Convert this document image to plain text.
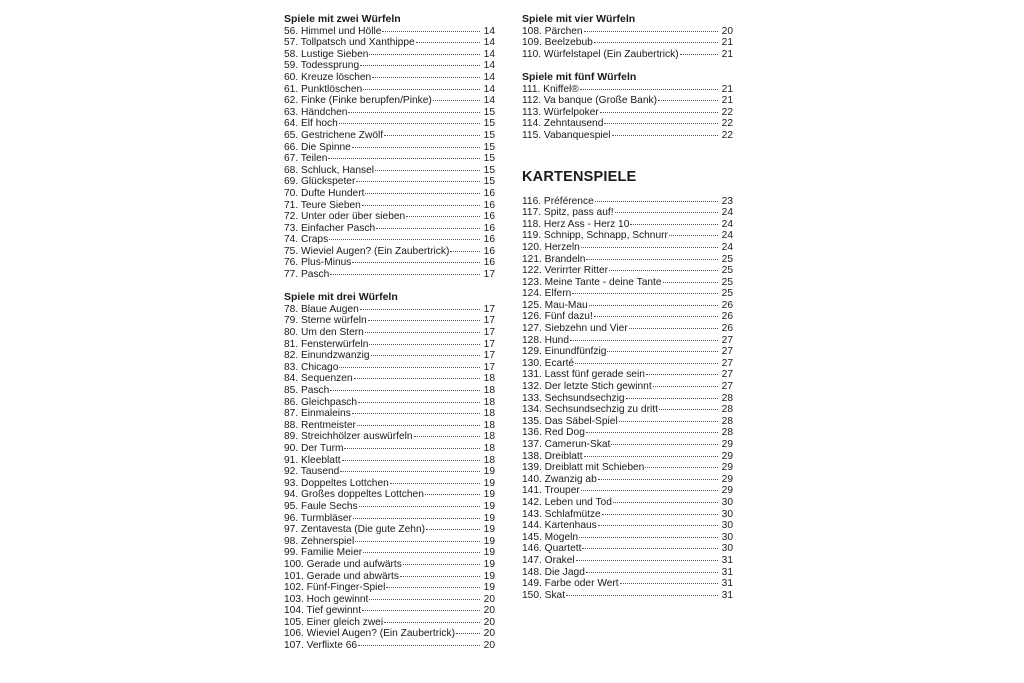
Spiele mit zwei Würfeln
56. Himmel und Hölle	14
57. Tollpatsch und Xanthippe	14
58. Lustige Sieben	14
59. Todessprung	14
60. Kreuze löschen	14
61. Punktlöschen	14
62. Finke (Finke berupfen/Pinke)	14
63. Händchen	15
64. Elf hoch	15
65. Gestrichene Zwölf	15
66. Die Spinne	15
67. Teilen	15
68. Schluck, Hansel	15
69. Glückspeter	15
70. Dufte Hundert	16
71. Teure Sieben	16
72. Unter oder über sieben	16
73. Einfacher Pasch	16
74. Craps	16
75. Wieviel Augen? (Ein Zaubertrick)	16
76. Plus-Minus	16
77. Pasch	17
Spiele mit drei Würfeln
78. Blaue Augen	17
79. Sterne würfeln	17
80. Um den Stern	17
81. Fensterwürfeln	17
82. Einundzwanzig	17
83. Chicago	17
84. Sequenzen	18
85. Pasch	18
86. Gleichpasch	18
87. Einmaleins	18
88. Rentmeister	18
89. Streichhölzer auswürfeln	18
90. Der Turm	18
91. Kleeblatt	18
92. Tausend	19
93. Doppeltes Lottchen	19
94. Großes doppeltes Lottchen	19
95. Faule Sechs	19
96. Turmbläser	19
97. Zentavesta (Die gute Zehn)	19
98. Zehnerspiel	19
99. Familie Meier	19
100. Gerade und aufwärts	19
101. Gerade und abwärts	19
102. Fünf-Finger-Spiel	19
103. Hoch gewinnt	20
104. Tief gewinnt	20
105. Einer gleich zwei	20
106. Wieviel Augen? (Ein Zaubertrick)	20
107. Verflixte 66	20
Spiele mit vier Würfeln
108. Pärchen	20
109. Beelzebub	21
110. Würfelstapel (Ein Zaubertrick)	21
Spiele mit fünf Würfeln
111. Kniffel®	21
112. Va banque (Große Bank)	21
113. Würfelpoker	22
114. Zehntausend	22
115. Vabanquespiel	22
KARTENSPIELE
116. Préférence	23
117. Spitz, pass auf!	24
118. Herz Ass - Herz 10	24
119. Schnipp, Schnapp, Schnurr	24
120. Herzeln	24
121. Brandeln	25
122. Verirrter Ritter	25
123. Meine Tante - deine Tante	25
124. Elfern	25
125. Mau-Mau	26
126. Fünf dazu!	26
127. Siebzehn und Vier	26
128. Hund	27
129. Einundfünfzig	27
130. Ecarté	27
131. Lasst fünf gerade sein	27
132. Der letzte Stich gewinnt	27
133. Sechsundsechzig	28
134. Sechsundsechzig zu dritt	28
135. Das Säbel-Spiel	28
136. Red Dog	28
137. Camerun-Skat	29
138. Dreiblatt	29
139. Dreiblatt mit Schieben	29
140. Zwanzig ab	29
141. Trouper	29
142. Leben und Tod	30
143. Schlafmütze	30
144. Kartenhaus	30
145. Mogeln	30
146. Quartett	30
147. Orakel	31
148. Die Jagd	31
149. Farbe oder Wert	31
150. Skat	31
